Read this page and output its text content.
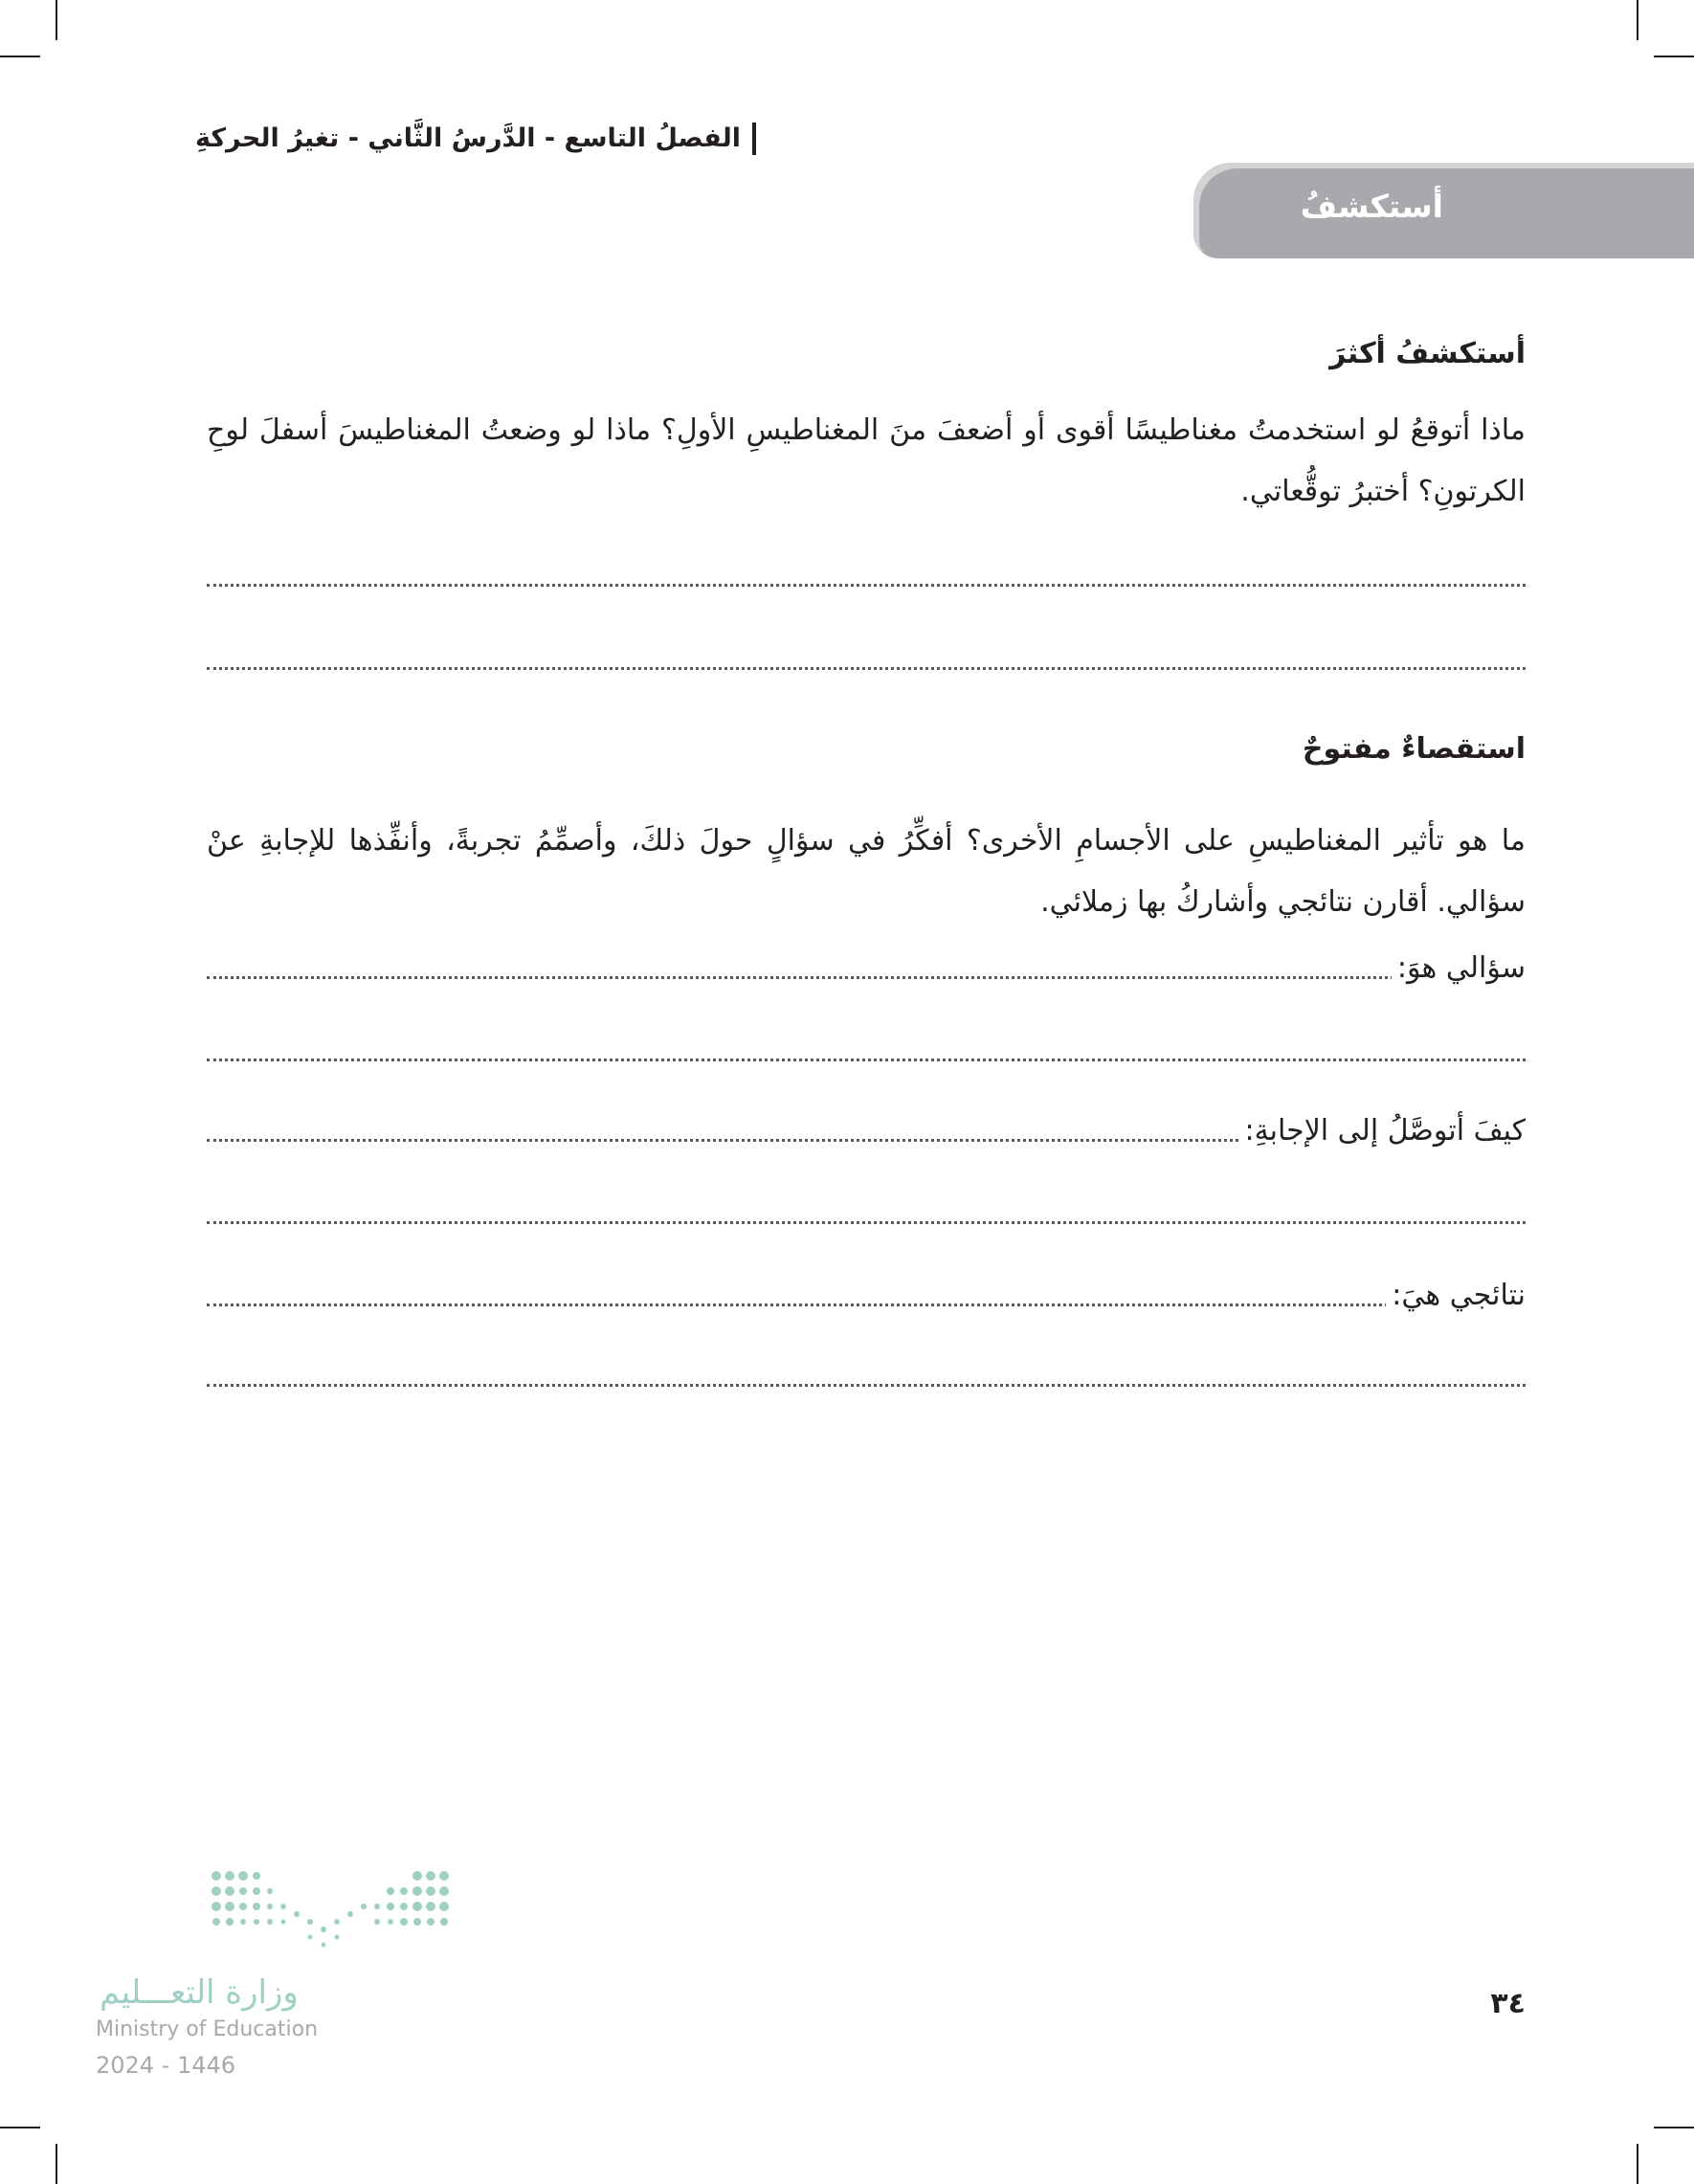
الفصلُ التاسع - الدَّرسُ الثَّاني - تغيرُ الحركةِ
أستكشفُ
أستكشفُ أكثرَ
ماذا أتوقعُ لو استخدمتُ مغناطيسًا أقوى أو أضعفَ منَ المغناطيسِ الأولِ؟ ماذا لو وضعتُ المغناطيسَ أسفلَ لوحِ الكرتونِ؟ أختبرُ توقُّعاتي.
استقصاءٌ مفتوحٌ
ما هو تأثير المغناطيسِ على الأجسامِ الأخرى؟ أفكِّرُ في سؤالٍ حولَ ذلكَ، وأصمِّمُ تجربةً، وأنفِّذها للإجابةِ عنْ سؤالي. أقارن نتائجي وأشاركُ بها زملائي.
سؤالي هوَ:
كيفَ أتوصَّلُ إلى الإجابةِ:
نتائجي هيَ:
وزارة التعـــليم
Ministry of Education
2024 - 1446
٣٤
